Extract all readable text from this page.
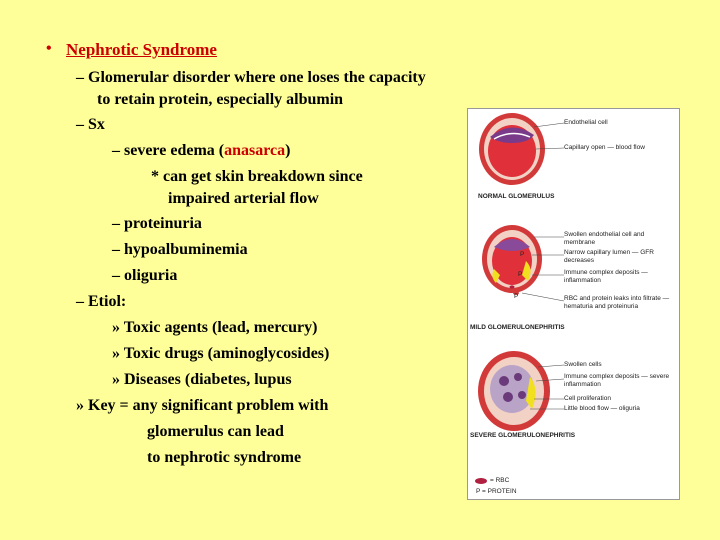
• Nephrotic Syndrome
– Glomerular disorder where one loses the capacity
to retain protein, especially albumin
– Sx
– severe edema (anasarca)
* can get skin breakdown since
impaired arterial flow
– proteinuria
– hypoalbuminemia
– oliguria
– Etiol:
» Toxic agents (lead, mercury)
» Toxic drugs (aminoglycosides)
» Diseases (diabetes, lupus
» Key = any significant problem with
glomerulus can lead
to nephrotic syndrome
Endothelial cell
Capillary open — blood flow
NORMAL GLOMERULUS
Swollen endothelial cell and membrane
Narrow capillary lumen — GFR decreases
Immune complex deposits — inflammation
RBC and protein leaks into filtrate — hematuria and proteinuria
P
P
P
MILD GLOMERULONEPHRITIS
Swollen cells
Immune complex deposits — severe inflammation
Cell proliferation
Little blood flow — oliguria
SEVERE GLOMERULONEPHRITIS
= RBC
P = PROTEIN
